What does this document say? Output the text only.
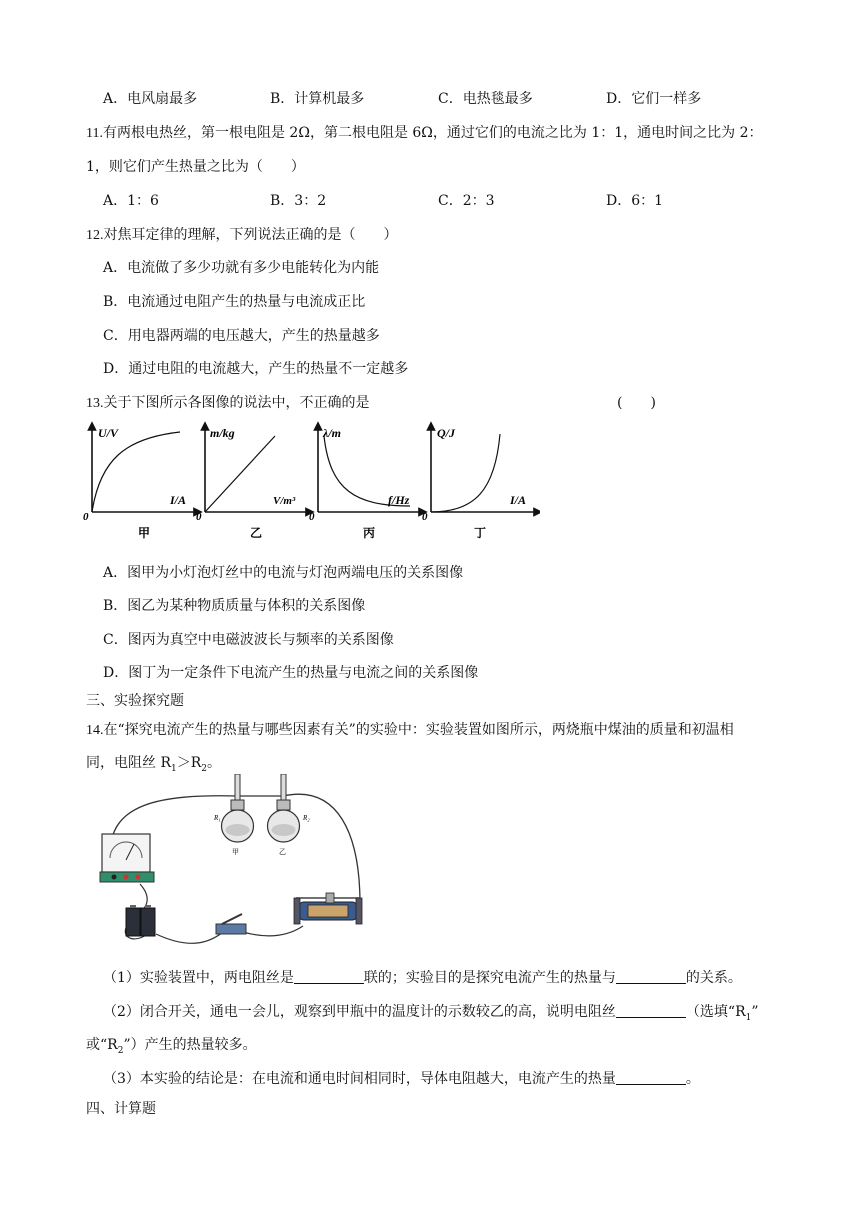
A．电风扇最多	B．计算机最多	C．电热毯最多	D．它们一样多
11.有两根电热丝，第一根电阻是 2Ω，第二根电阻是 6Ω，通过它们的电流之比为 1：1，通电时间之比为 2：
1，则它们产生热量之比为（　　）
A．1：6	B．3：2	C．2：3	D．6：1
12.对焦耳定律的理解，下列说法正确的是（　　）
A．电流做了多少功就有多少电能转化为内能
B．电流通过电阻产生的热量与电流成正比
C．用电器两端的电压越大，产生的热量越多
D．通过电阻的电流越大，产生的热量不一定越多
13.关于下图所示各图像的说法中，不正确的是	(　　)
U/V
I/A
0
甲
m/kg
V/m³
0
乙
λ/m
f/Hz
0
丙
Q/J
I/A
0
丁
A．图甲为小灯泡灯丝中的电流与灯泡两端电压的关系图像
B．图乙为某种物质质量与体积的关系图像
C．图丙为真空中电磁波波长与频率的关系图像
D．图丁为一定条件下电流产生的热量与电流之间的关系图像
三、实验探究题
14.在“探究电流产生的热量与哪些因素有关”的实验中：实验装置如图所示，两烧瓶中煤油的质量和初温相
同，电阻丝 $R_1>R_2$。
R₁
甲
R₂
乙
（1）实验装置中，两电阻丝是	联的；实验目的是探究电流产生的热量与	的关系。
（2）闭合开关，通电一会儿，观察到甲瓶中的温度计的示数较乙的高，说明电阻丝	（选填“$R_1$”
或“$R_2$”）产生的热量较多。
（3）本实验的结论是：在电流和通电时间相同时，导体电阻越大，电流产生的热量	。
四、计算题
